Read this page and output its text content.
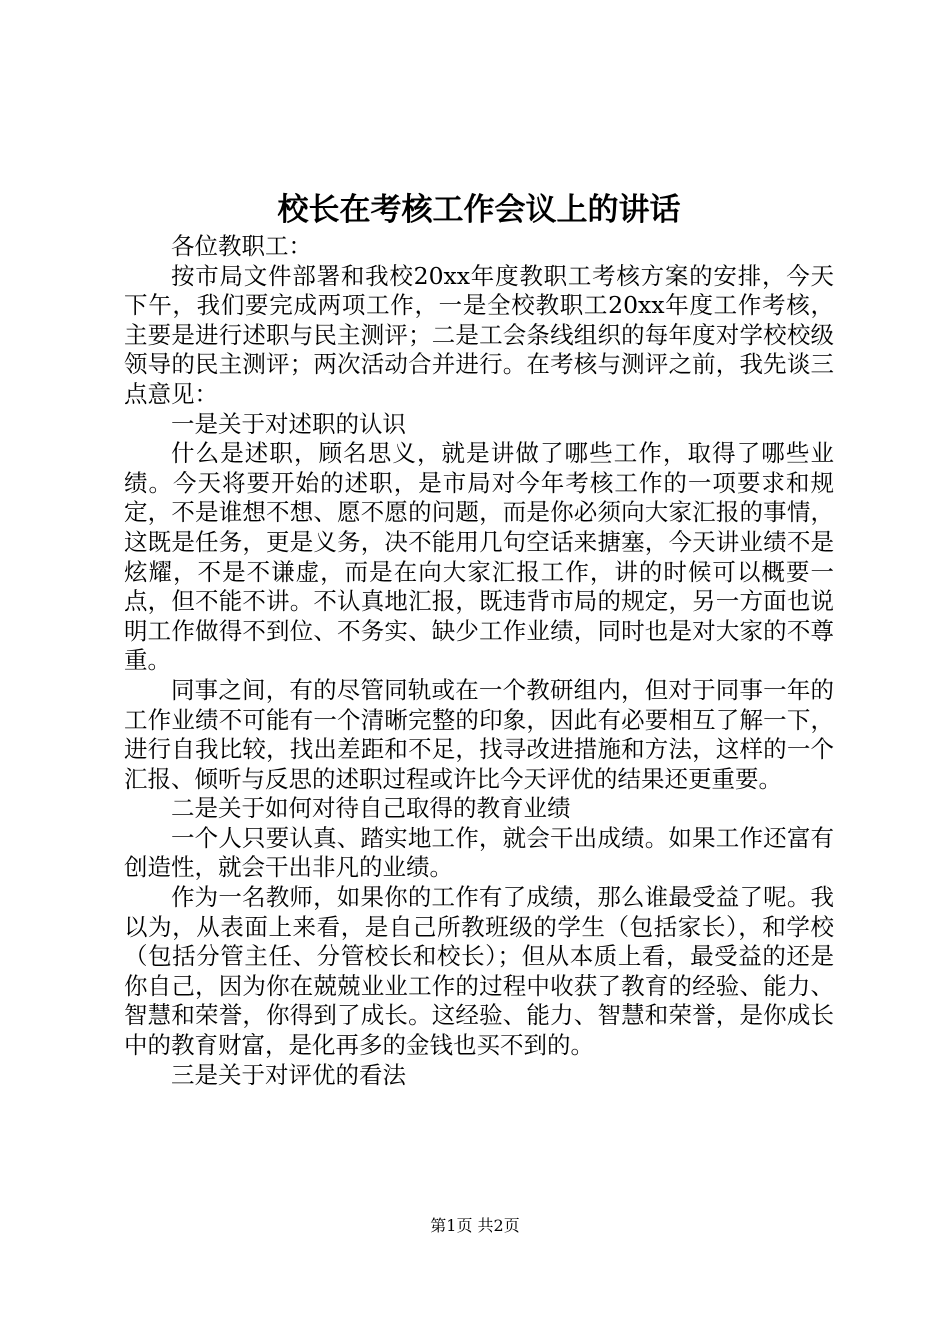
校长在考核工作会议上的讲话

各位教职工：

按市局文件部署和我校20xx年度教职工考核方案的安排，今天下午，我们要完成两项工作，一是全校教职工20xx年度工作考核，主要是进行述职与民主测评；二是工会条线组织的每年度对学校校级领导的民主测评；两次活动合并进行。在考核与测评之前，我先谈三点意见：

一是关于对述职的认识

什么是述职，顾名思义，就是讲做了哪些工作，取得了哪些业绩。今天将要开始的述职，是市局对今年考核工作的一项要求和规定，不是谁想不想、愿不愿的问题，而是你必须向大家汇报的事情，这既是任务，更是义务，决不能用几句空话来搪塞，今天讲业绩不是炫耀，不是不谦虚，而是在向大家汇报工作，讲的时候可以概要一点，但不能不讲。不认真地汇报，既违背市局的规定，另一方面也说明工作做得不到位、不务实、缺少工作业绩，同时也是对大家的不尊重。

同事之间，有的尽管同轨或在一个教研组内，但对于同事一年的工作业绩不可能有一个清晰完整的印象，因此有必要相互了解一下，进行自我比较，找出差距和不足，找寻改进措施和方法，这样的一个汇报、倾听与反思的述职过程或许比今天评优的结果还更重要。

二是关于如何对待自己取得的教育业绩

一个人只要认真、踏实地工作，就会干出成绩。如果工作还富有创造性，就会干出非凡的业绩。

作为一名教师，如果你的工作有了成绩，那么谁最受益了呢。我以为，从表面上来看，是自己所教班级的学生（包括家长），和学校（包括分管主任、分管校长和校长）；但从本质上看，最受益的还是你自己，因为你在兢兢业业工作的过程中收获了教育的经验、能力、智慧和荣誉，你得到了成长。这经验、能力、智慧和荣誉，是你成长中的教育财富，是化再多的金钱也买不到的。

三是关于对评优的看法

第1页 共2页
